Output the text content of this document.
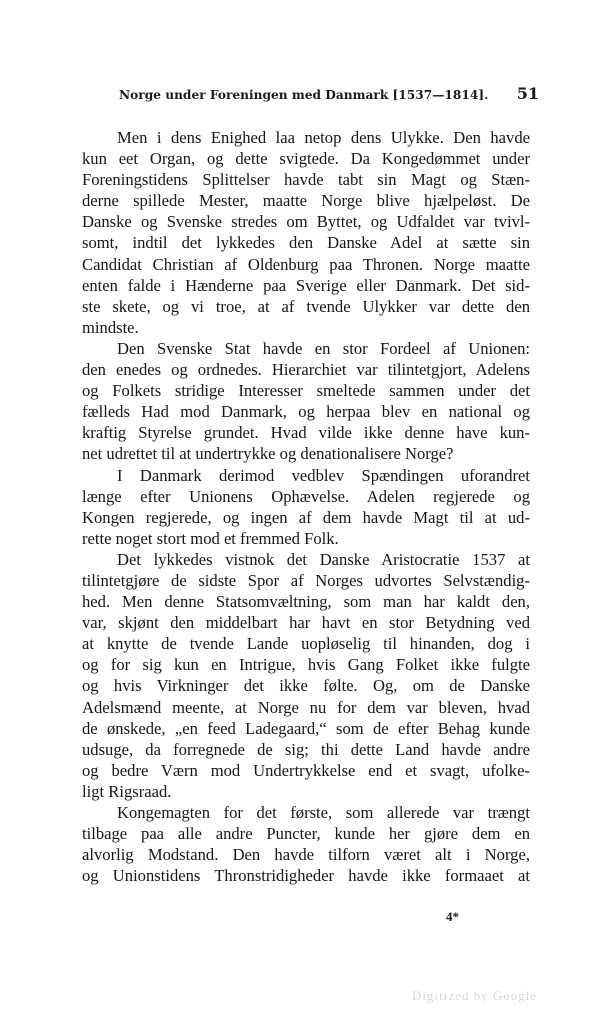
Norge under Foreningen med Danmark [1537—1814]. 51
Men i dens Enighed laa netop dens Ulykke. Den havde
kun eet Organ, og dette svigtede. Da Kongedømmet under
Foreningstidens Splittelser havde tabt sin Magt og Stæn-
derne spillede Mester, maatte Norge blive hjælpeløst. De
Danske og Svenske stredes om Byttet, og Udfaldet var tvivl-
somt, indtil det lykkedes den Danske Adel at sætte sin
Candidat Christian af Oldenburg paa Thronen. Norge maatte
enten falde i Hænderne paa Sverige eller Danmark. Det sid-
ste skete, og vi troe, at af tvende Ulykker var dette den
mindste.
Den Svenske Stat havde en stor Fordeel af Unionen:
den enedes og ordnedes. Hierarchiet var tilintetgjort, Adelens
og Folkets stridige Interesser smeltede sammen under det
fælleds Had mod Danmark, og herpaa blev en national og
kraftig Styrelse grundet. Hvad vilde ikke denne have kun-
net udrettet til at undertrykke og denationalisere Norge?
I Danmark derimod vedblev Spændingen uforandret
længe efter Unionens Ophævelse. Adelen regjerede og
Kongen regjerede, og ingen af dem havde Magt til at ud-
rette noget stort mod et fremmed Folk.
Det lykkedes vistnok det Danske Aristocratie 1537 at
tilintetgjøre de sidste Spor af Norges udvortes Selvstændig-
hed. Men denne Statsomvæltning, som man har kaldt den,
var, skjønt den middelbart har havt en stor Betydning ved
at knytte de tvende Lande uopløselig til hinanden, dog i
og for sig kun en Intrigue, hvis Gang Folket ikke fulgte
og hvis Virkninger det ikke følte. Og, om de Danske
Adelsmænd meente, at Norge nu for dem var bleven, hvad
de ønskede, „en feed Ladegaard,“ som de efter Behag kunde
udsuge, da forregnede de sig; thi dette Land havde andre
og bedre Værn mod Undertrykkelse end et svagt, ufolke-
ligt Rigsraad.
Kongemagten for det første, som allerede var trængt
tilbage paa alle andre Puncter, kunde her gjøre dem en
alvorlig Modstand. Den havde tilforn været alt i Norge,
og Unionstidens Thronstridigheder havde ikke formaaet at
4*
Digitized by Google
